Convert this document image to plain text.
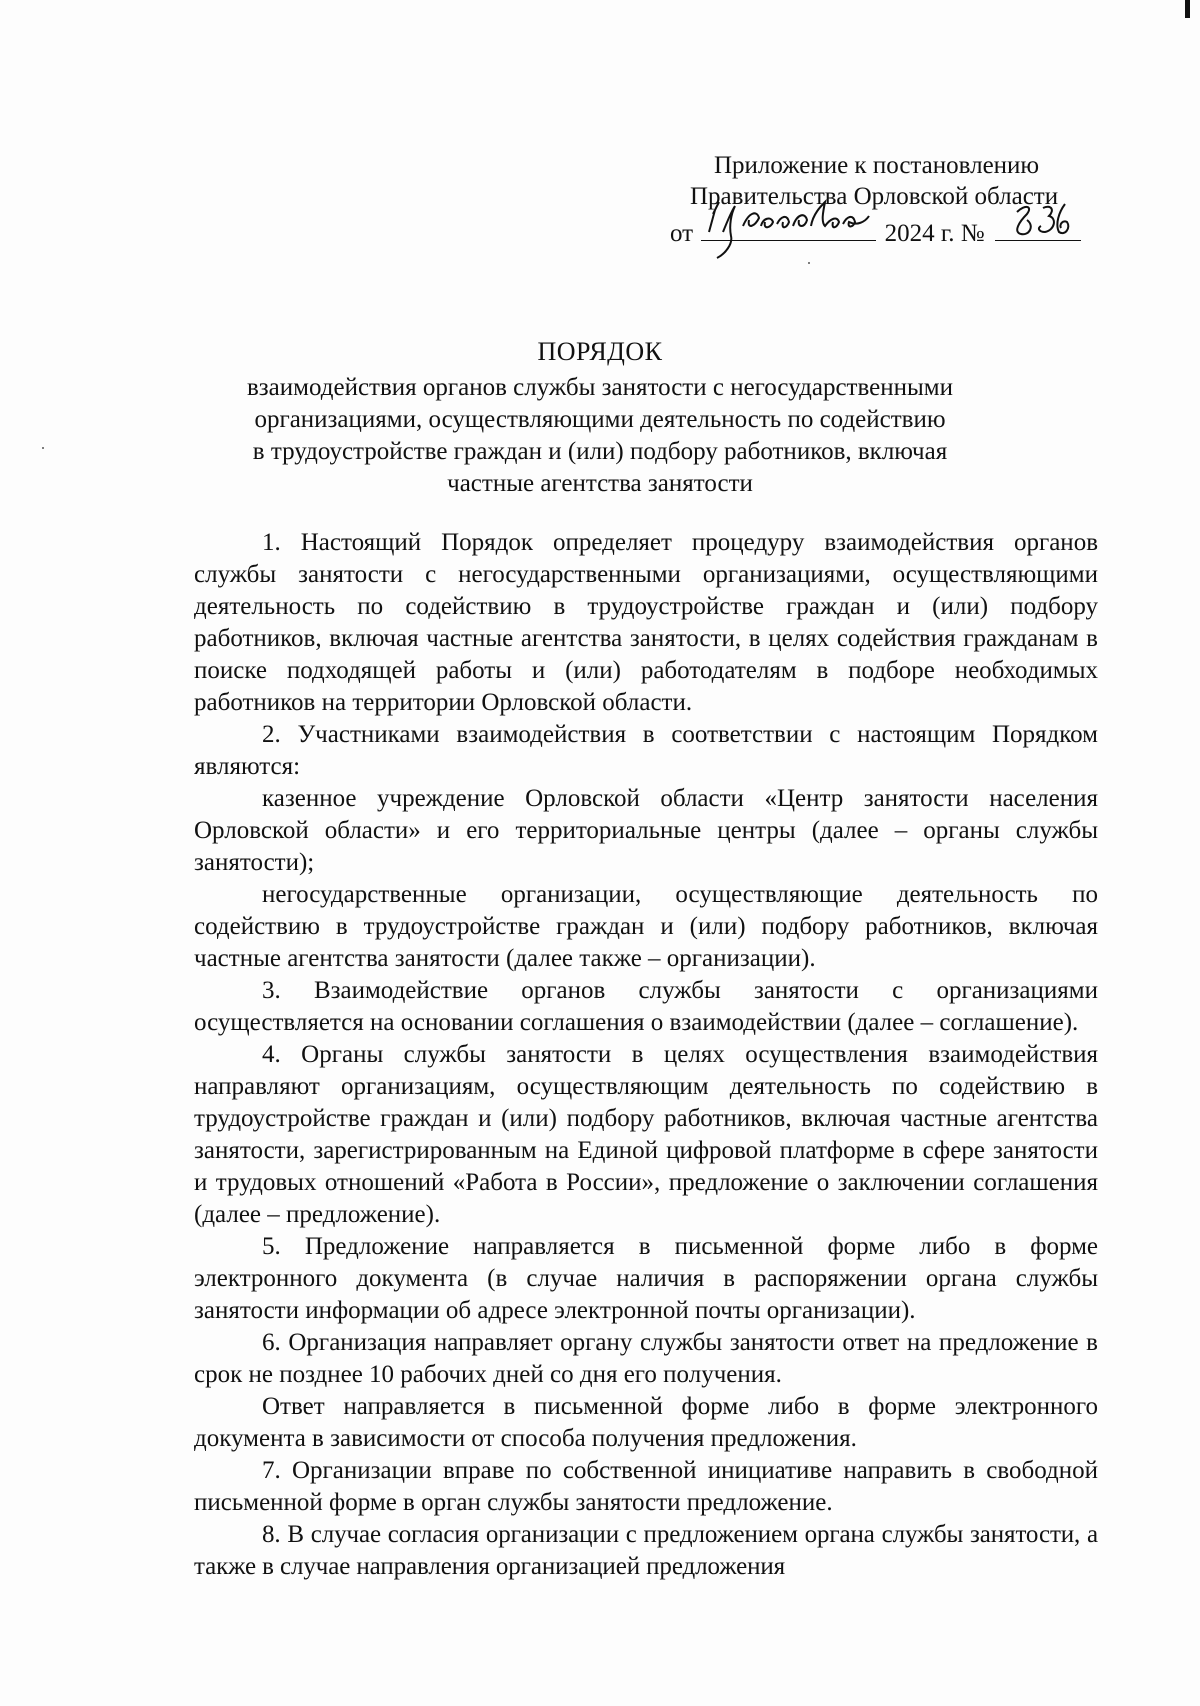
Приложение к постановлению
Правительства Орловской области
от	2024 г. №
ПОРЯДОК
взаимодействия органов службы занятости с негосударственными
организациями, осуществляющими деятельность по содействию
в трудоустройстве граждан и (или) подбору работников, включая
частные агентства занятости

1. Настоящий Порядок определяет процедуру взаимодействия органов службы занятости с негосударственными организациями, осуществляющими деятельность по содействию в трудоустройстве граждан и (или) подбору работников, включая частные агентства занятости, в целях содействия гражданам в поиске подходящей работы и (или) работодателям в подборе необходимых работников на территории Орловской области.

2. Участниками взаимодействия в соответствии с настоящим Порядком являются:

казенное учреждение Орловской области «Центр занятости населения Орловской области» и его территориальные центры (далее – органы службы занятости);

негосударственные организации, осуществляющие деятельность по содействию в трудоустройстве граждан и (или) подбору работников, включая частные агентства занятости (далее также – организации).

3. Взаимодействие органов службы занятости с организациями осуществляется на основании соглашения о взаимодействии (далее – соглашение).

4. Органы службы занятости в целях осуществления взаимодействия направляют организациям, осуществляющим деятельность по содействию в трудоустройстве граждан и (или) подбору работников, включая частные агентства занятости, зарегистрированным на Единой цифровой платформе в сфере занятости и трудовых отношений «Работа в России», предложение о заключении соглашения (далее – предложение).

5. Предложение направляется в письменной форме либо в форме электронного документа (в случае наличия в распоряжении органа службы занятости информации об адресе электронной почты организации).

6. Организация направляет органу службы занятости ответ на предложение в срок не позднее 10 рабочих дней со дня его получения.

Ответ направляется в письменной форме либо в форме электронного документа в зависимости от способа получения предложения.

7. Организации вправе по собственной инициативе направить в свободной письменной форме в орган службы занятости предложение.

8. В случае согласия организации с предложением органа службы занятости, а также в случае направления организацией предложения
